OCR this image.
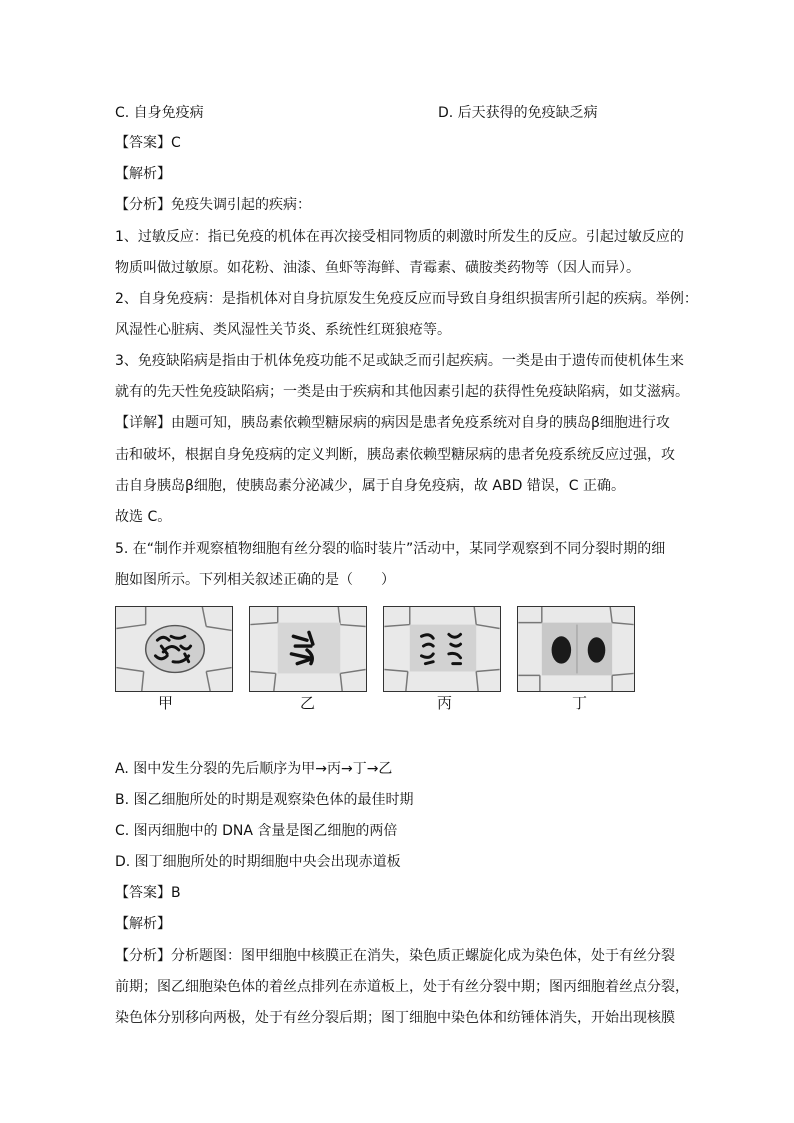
C. 自身免疫病	D. 后天获得的免疫缺乏病
【答案】C
【解析】
【分析】免疫失调引起的疾病：
1、过敏反应：指已免疫的机体在再次接受相同物质的刺激时所发生的反应。引起过敏反应的
物质叫做过敏原。如花粉、油漆、鱼虾等海鲜、青霉素、磺胺类药物等（因人而异）。
2、自身免疫病：是指机体对自身抗原发生免疫反应而导致自身组织损害所引起的疾病。举例：
风湿性心脏病、类风湿性关节炎、系统性红斑狼疮等。
3、免疫缺陷病是指由于机体免疫功能不足或缺乏而引起疾病。一类是由于遗传而使机体生来
就有的先天性免疫缺陷病；一类是由于疾病和其他因素引起的获得性免疫缺陷病，如艾滋病。
【详解】由题可知，胰岛素依赖型糖尿病的病因是患者免疫系统对自身的胰岛β细胞进行攻
击和破坏，根据自身免疫病的定义判断，胰岛素依赖型糖尿病的患者免疫系统反应过强，攻
击自身胰岛β细胞，使胰岛素分泌减少，属于自身免疫病，故 ABD 错误，C 正确。
故选 C。
5. 在“制作并观察植物细胞有丝分裂的临时装片”活动中，某同学观察到不同分裂时期的细
胞如图所示。下列相关叙述正确的是（　　）
甲	乙	丙	丁
A. 图中发生分裂的先后顺序为甲→丙→丁→乙
B. 图乙细胞所处的时期是观察染色体的最佳时期
C. 图丙细胞中的 DNA 含量是图乙细胞的两倍
D. 图丁细胞所处的时期细胞中央会出现赤道板
【答案】B
【解析】
【分析】分析题图：图甲细胞中核膜正在消失，染色质正螺旋化成为染色体，处于有丝分裂
前期；图乙细胞染色体的着丝点排列在赤道板上，处于有丝分裂中期；图丙细胞着丝点分裂，
染色体分别移向两极，处于有丝分裂后期；图丁细胞中染色体和纺锤体消失，开始出现核膜
